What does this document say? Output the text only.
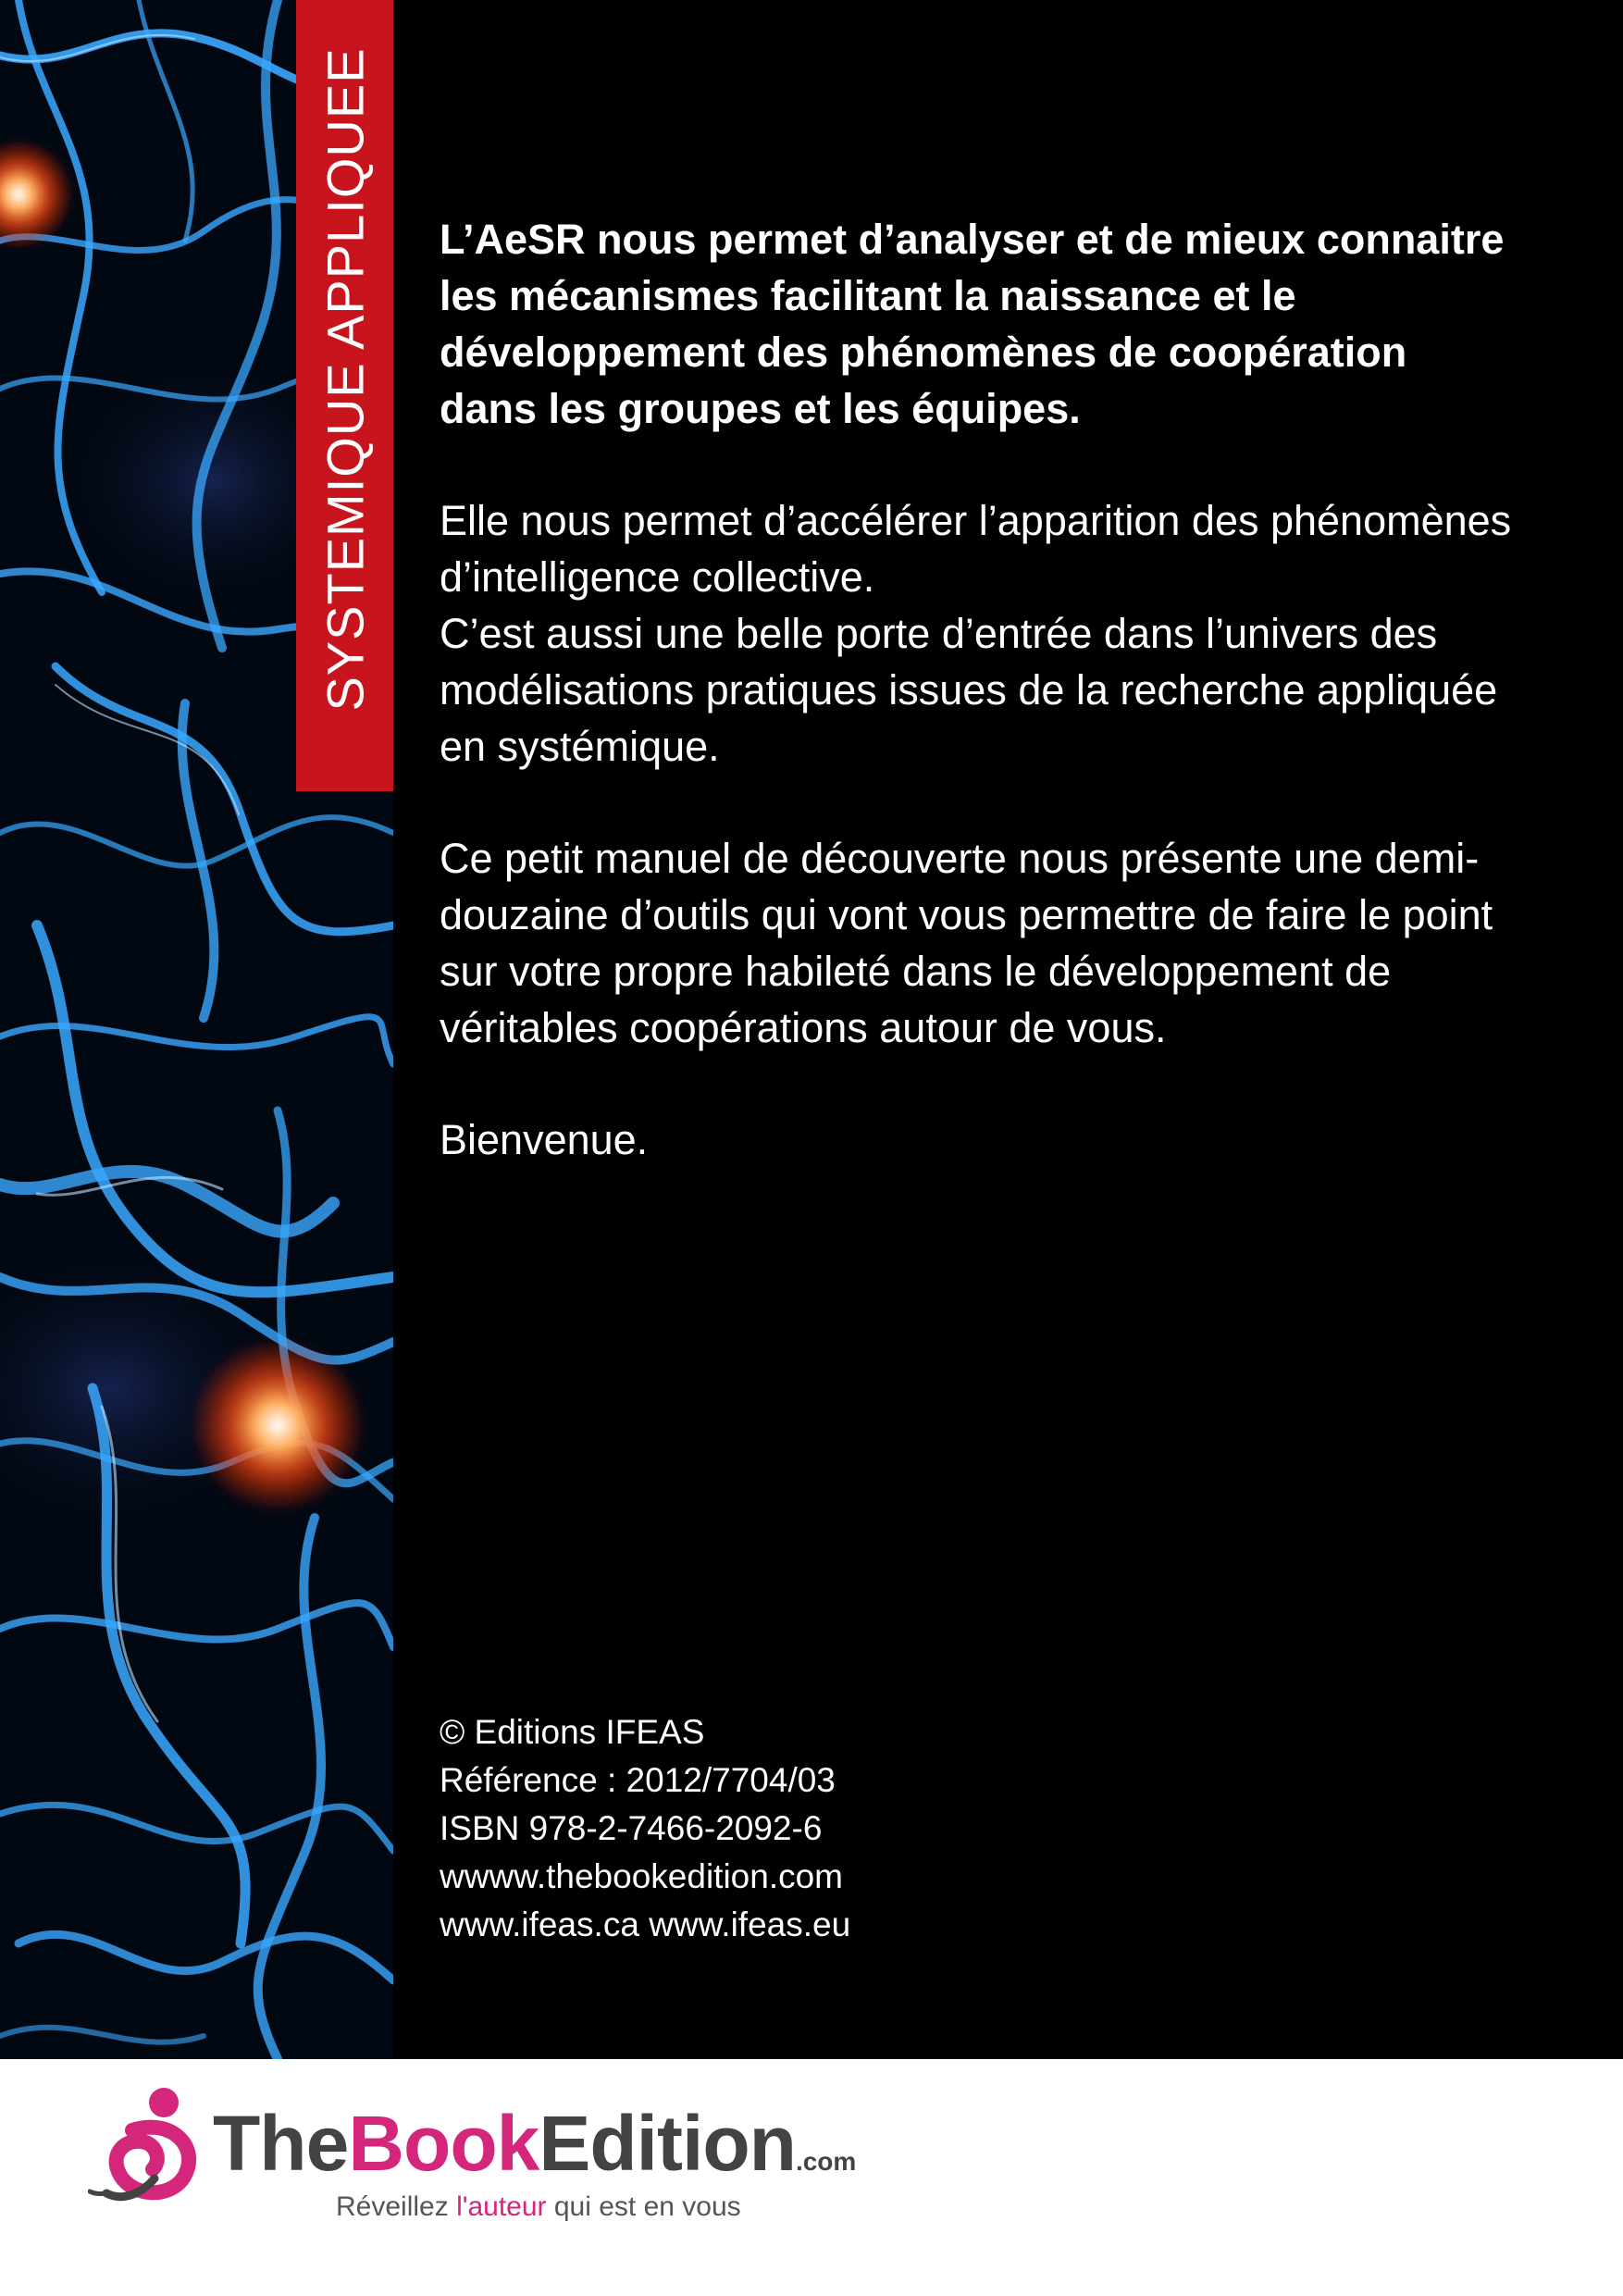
SYSTEMIQUE APPLIQUEE L’AeSR nous permet d’analyser et de mieux connaitre les mécanismes facilitant la naissance et le développement des phénomènes de coopération dans les groupes et les équipes.

Elle nous permet d’accélérer l’apparition des phénomènes d’intelligence collective.

C’est aussi une belle porte d’entrée dans l’univers des modélisations pratiques issues de la recherche appliquée en systémique.

Ce petit manuel de découverte nous présente une demi-douzaine d’outils qui vont vous permettre de faire le point sur votre propre habileté dans le développement de véritables coopérations autour de vous.

Bienvenue.

© Editions IFEAS
Référence : 2012/7704/03
ISBN 978-2-7466-2092-6
wwww.thebookedition.com
www.ifeas.ca www.ifeas.eu
TheBookEdition.com
Réveillez l'auteur qui est en vous
